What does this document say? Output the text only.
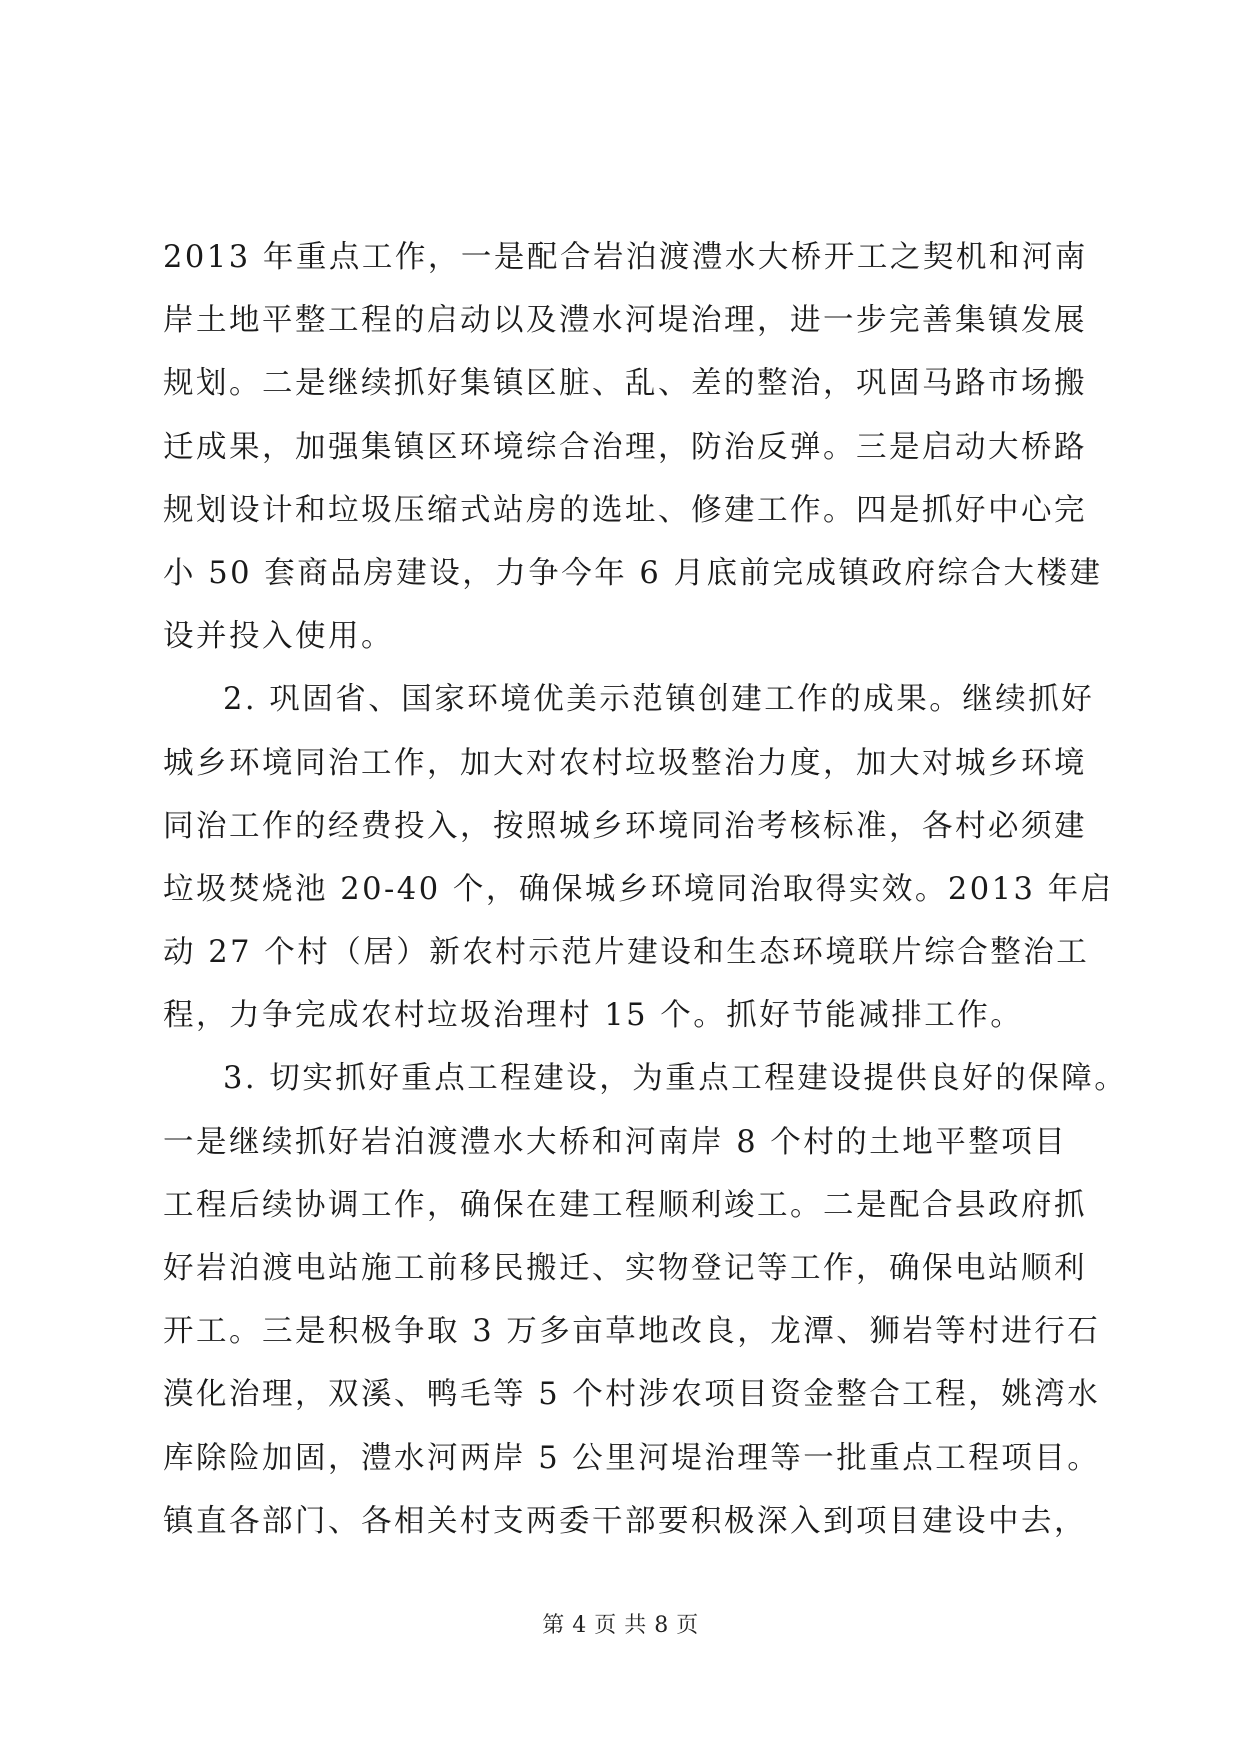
2013 年重点工作，一是配合岩泊渡澧水大桥开工之契机和河南
岸土地平整工程的启动以及澧水河堤治理，进一步完善集镇发展
规划。二是继续抓好集镇区脏、乱、差的整治，巩固马路市场搬
迁成果，加强集镇区环境综合治理，防治反弹。三是启动大桥路
规划设计和垃圾压缩式站房的选址、修建工作。四是抓好中心完
小 50 套商品房建设，力争今年 6 月底前完成镇政府综合大楼建
设并投入使用。
2. 巩固省、国家环境优美示范镇创建工作的成果。继续抓好
城乡环境同治工作，加大对农村垃圾整治力度，加大对城乡环境
同治工作的经费投入，按照城乡环境同治考核标准，各村必须建
垃圾焚烧池 20-40 个，确保城乡环境同治取得实效。2013 年启
动 27 个村（居）新农村示范片建设和生态环境联片综合整治工
程，力争完成农村垃圾治理村 15 个。抓好节能减排工作。
3. 切实抓好重点工程建设，为重点工程建设提供良好的保障。
一是继续抓好岩泊渡澧水大桥和河南岸 8 个村的土地平整项目
工程后续协调工作，确保在建工程顺利竣工。二是配合县政府抓
好岩泊渡电站施工前移民搬迁、实物登记等工作，确保电站顺利
开工。三是积极争取 3 万多亩草地改良，龙潭、狮岩等村进行石
漠化治理，双溪、鸭毛等 5 个村涉农项目资金整合工程，姚湾水
库除险加固，澧水河两岸 5 公里河堤治理等一批重点工程项目。
镇直各部门、各相关村支两委干部要积极深入到项目建设中去，
第 4 页 共 8 页
